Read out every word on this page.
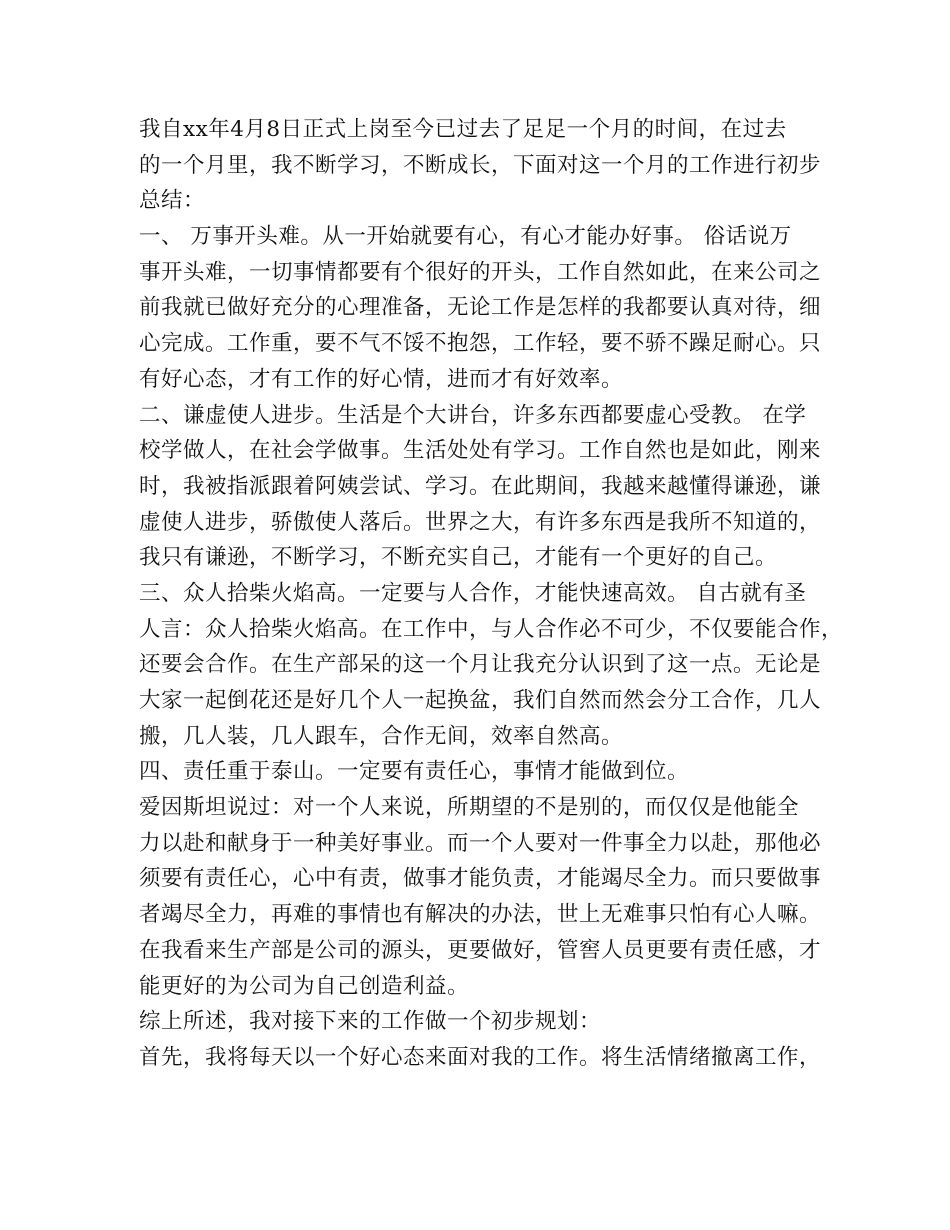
我自xx年4月8日正式上岗至今已过去了足足一个月的时间，在过去
的一个月里，我不断学习，不断成长，下面对这一个月的工作进行初步
总结：
一、 万事开头难。从一开始就要有心，有心才能办好事。 俗话说万
事开头难，一切事情都要有个很好的开头，工作自然如此，在来公司之
前我就已做好充分的心理准备，无论工作是怎样的我都要认真对待，细
心完成。工作重，要不气不馁不抱怨，工作轻，要不骄不躁足耐心。只
有好心态，才有工作的好心情，进而才有好效率。
二、谦虚使人进步。生活是个大讲台，许多东西都要虚心受教。 在学
校学做人，在社会学做事。生活处处有学习。工作自然也是如此，刚来
时，我被指派跟着阿姨尝试、学习。在此期间，我越来越懂得谦逊，谦
虚使人进步，骄傲使人落后。世界之大，有许多东西是我所不知道的，
我只有谦逊，不断学习，不断充实自己，才能有一个更好的自己。
三、众人拾柴火焰高。一定要与人合作，才能快速高效。 自古就有圣
人言：众人拾柴火焰高。在工作中，与人合作必不可少，不仅要能合作，
还要会合作。在生产部呆的这一个月让我充分认识到了这一点。无论是
大家一起倒花还是好几个人一起换盆，我们自然而然会分工合作，几人
搬，几人装，几人跟车，合作无间，效率自然高。
四、责任重于泰山。一定要有责任心，事情才能做到位。
爱因斯坦说过：对一个人来说，所期望的不是别的，而仅仅是他能全
力以赴和献身于一种美好事业。而一个人要对一件事全力以赴，那他必
须要有责任心，心中有责，做事才能负责，才能竭尽全力。而只要做事
者竭尽全力，再难的事情也有解决的办法，世上无难事只怕有心人嘛。
在我看来生产部是公司的源头，更要做好，管窖人员更要有责任感，才
能更好的为公司为自己创造利益。
综上所述，我对接下来的工作做一个初步规划：
首先，我将每天以一个好心态来面对我的工作。将生活情绪撤离工作，
